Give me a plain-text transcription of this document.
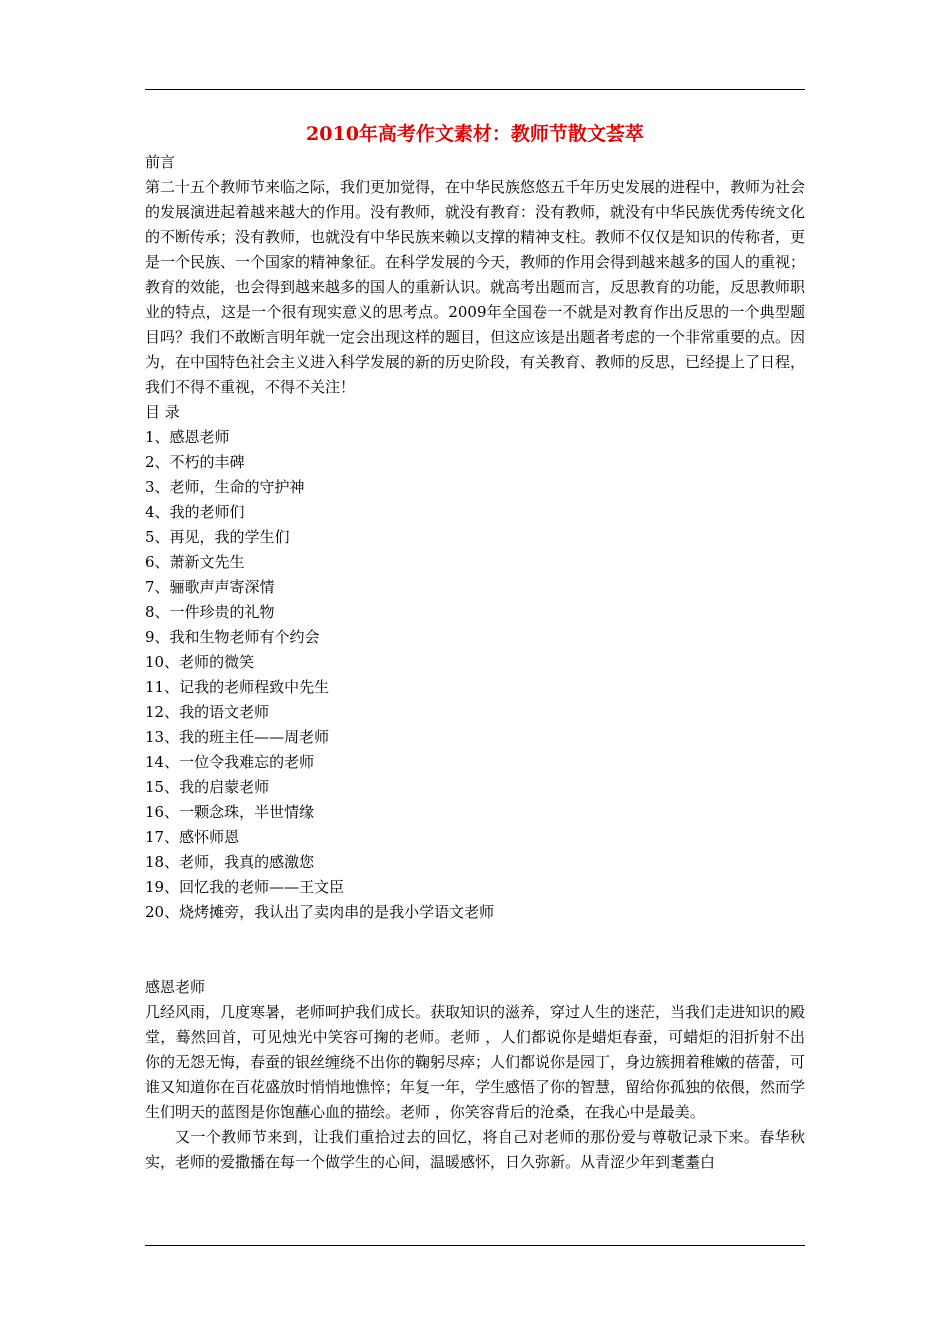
2010年高考作文素材：教师节散文荟萃

前言

第二十五个教师节来临之际，我们更加觉得，在中华民族悠悠五千年历史发展的进程中，教师为社会的发展演进起着越来越大的作用。没有教师，就没有教育：没有教师，就没有中华民族优秀传统文化的不断传承；没有教师，也就没有中华民族来赖以支撑的精神支柱。教师不仅仅是知识的传称者，更是一个民族、一个国家的精神象征。在科学发展的今天，教师的作用会得到越来越多的国人的重视；教育的效能，也会得到越来越多的国人的重新认识。就高考出题而言，反思教育的功能，反思教师职业的特点，这是一个很有现实意义的思考点。2009年全国卷一不就是对教育作出反思的一个典型题目吗？我们不敢断言明年就一定会出现这样的题目，但这应该是出题者考虑的一个非常重要的点。因为，在中国特色社会主义进入科学发展的新的历史阶段，有关教育、教师的反思，已经提上了日程，我们不得不重视，不得不关注！

目 录

1、感恩老师
2、不朽的丰碑
3、老师，生命的守护神
4、我的老师们
5、再见，我的学生们
6、萧新文先生
7、骊歌声声寄深情
8、一件珍贵的礼物
9、我和生物老师有个约会
10、老师的微笑
11、记我的老师程致中先生
12、我的语文老师
13、我的班主任——周老师
14、一位令我难忘的老师
15、我的启蒙老师
16、一颗念珠，半世情缘
17、感怀师恩
18、老师，我真的感激您
19、回忆我的老师——王文臣
20、烧烤摊旁，我认出了卖肉串的是我小学语文老师

感恩老师

几经风雨，几度寒暑，老师呵护我们成长。获取知识的滋养，穿过人生的迷茫，当我们走进知识的殿堂，蓦然回首，可见烛光中笑容可掬的老师。老师 ，人们都说你是蜡炬春蚕，可蜡炬的泪折射不出你的无怨无悔，春蚕的银丝缠绕不出你的鞠躬尽瘁；人们都说你是园丁，身边簇拥着稚嫩的蓓蕾，可谁又知道你在百花盛放时悄悄地憔悴；年复一年，学生感悟了你的智慧，留给你孤独的依偎，然而学生们明天的蓝图是你饱蘸心血的描绘。老师 ，你笑容背后的沧桑，在我心中是最美。

又一个教师节来到，让我们重拾过去的回忆，将自己对老师的那份爱与尊敬记录下来。春华秋实，老师的爱撒播在每一个做学生的心间，温暖感怀，日久弥新。从青涩少年到耄耋白
